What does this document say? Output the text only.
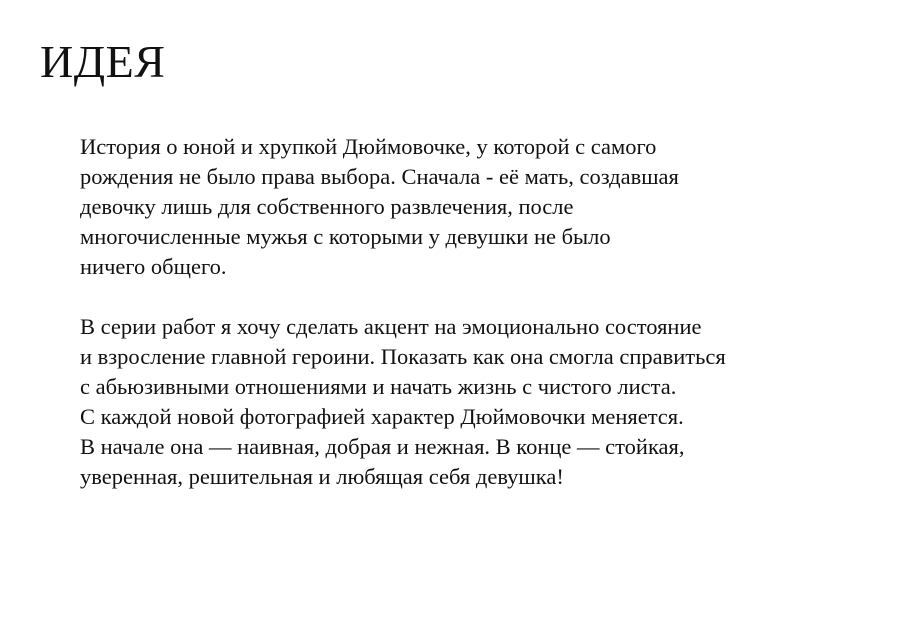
ИДЕЯ

История о юной и хрупкой Дюймовочке, у которой с самого
рождения не было права выбора. Сначала - её мать, создавшая
девочку лишь для собственного развлечения, после
многочисленные мужья с которыми у девушки не было
ничего общего.

В серии работ я хочу сделать акцент на эмоционально состояние
и взросление главной героини. Показать как она смогла справиться
с абьюзивными отношениями и начать жизнь с чистого листа.
С каждой новой фотографией характер Дюймовочки меняется.
В начале она — наивная, добрая и нежная. В конце — стойкая,
уверенная, решительная и любящая себя девушка!
